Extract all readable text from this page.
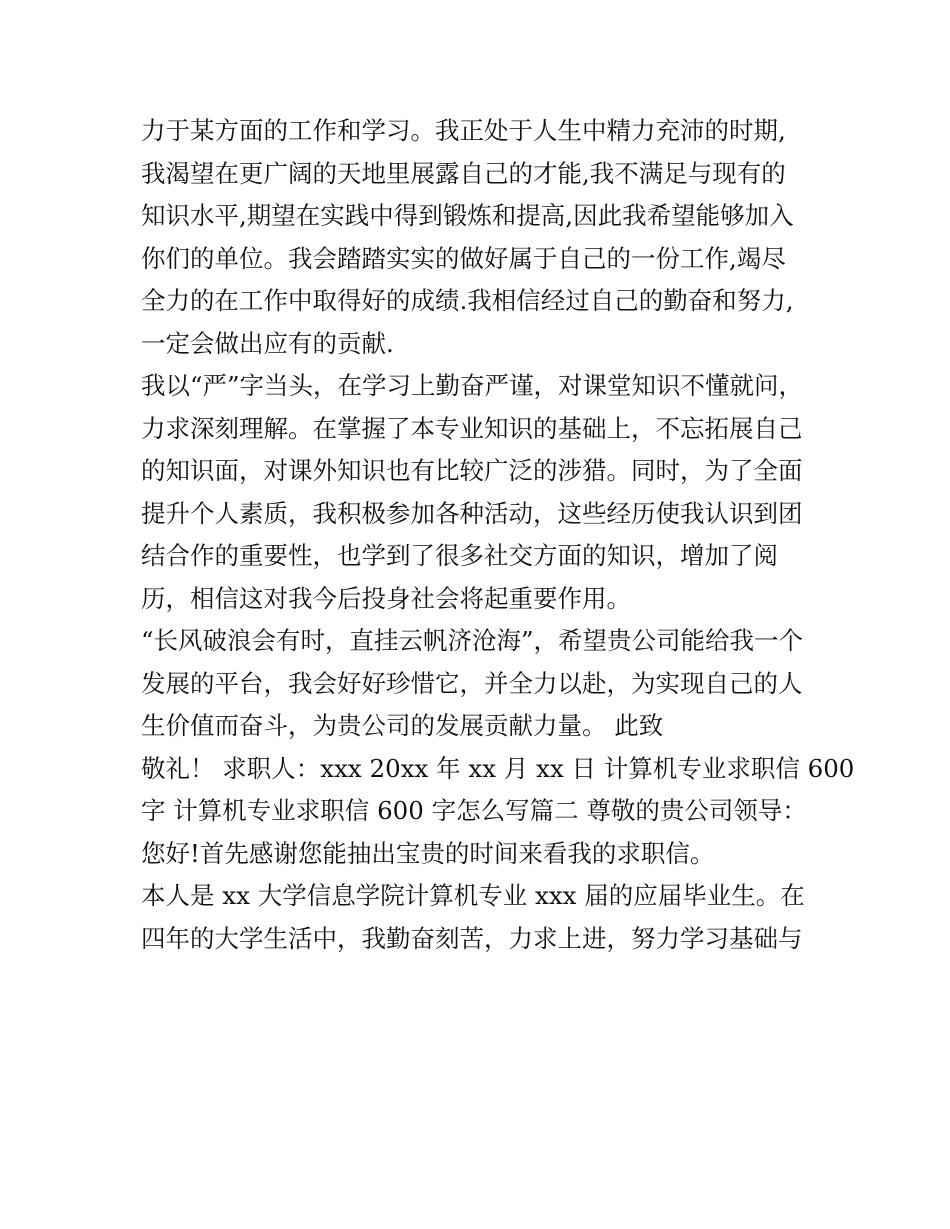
力于某方面的工作和学习。我正处于人生中精力充沛的时期,
我渴望在更广阔的天地里展露自己的才能,我不满足与现有的
知识水平,期望在实践中得到锻炼和提高,因此我希望能够加入
你们的单位。我会踏踏实实的做好属于自己的一份工作,竭尽
全力的在工作中取得好的成绩.我相信经过自己的勤奋和努力,
一定会做出应有的贡献.
我以“严”字当头，在学习上勤奋严谨，对课堂知识不懂就问，
力求深刻理解。在掌握了本专业知识的基础上，不忘拓展自己
的知识面，对课外知识也有比较广泛的涉猎。同时，为了全面
提升个人素质，我积极参加各种活动，这些经历使我认识到团
结合作的重要性，也学到了很多社交方面的知识，增加了阅
历，相信这对我今后投身社会将起重要作用。
“长风破浪会有时，直挂云帆济沧海”，希望贵公司能给我一个
发展的平台，我会好好珍惜它，并全力以赴，为实现自己的人
生价值而奋斗，为贵公司的发展贡献力量。 此致
敬礼！ 求职人：xxx 20xx 年 xx 月 xx 日 计算机专业求职信 600
字 计算机专业求职信 600 字怎么写篇二 尊敬的贵公司领导：
您好!首先感谢您能抽出宝贵的时间来看我的求职信。
本人是 xx 大学信息学院计算机专业 xxx 届的应届毕业生。在
四年的大学生活中，我勤奋刻苦，力求上进，努力学习基础与
